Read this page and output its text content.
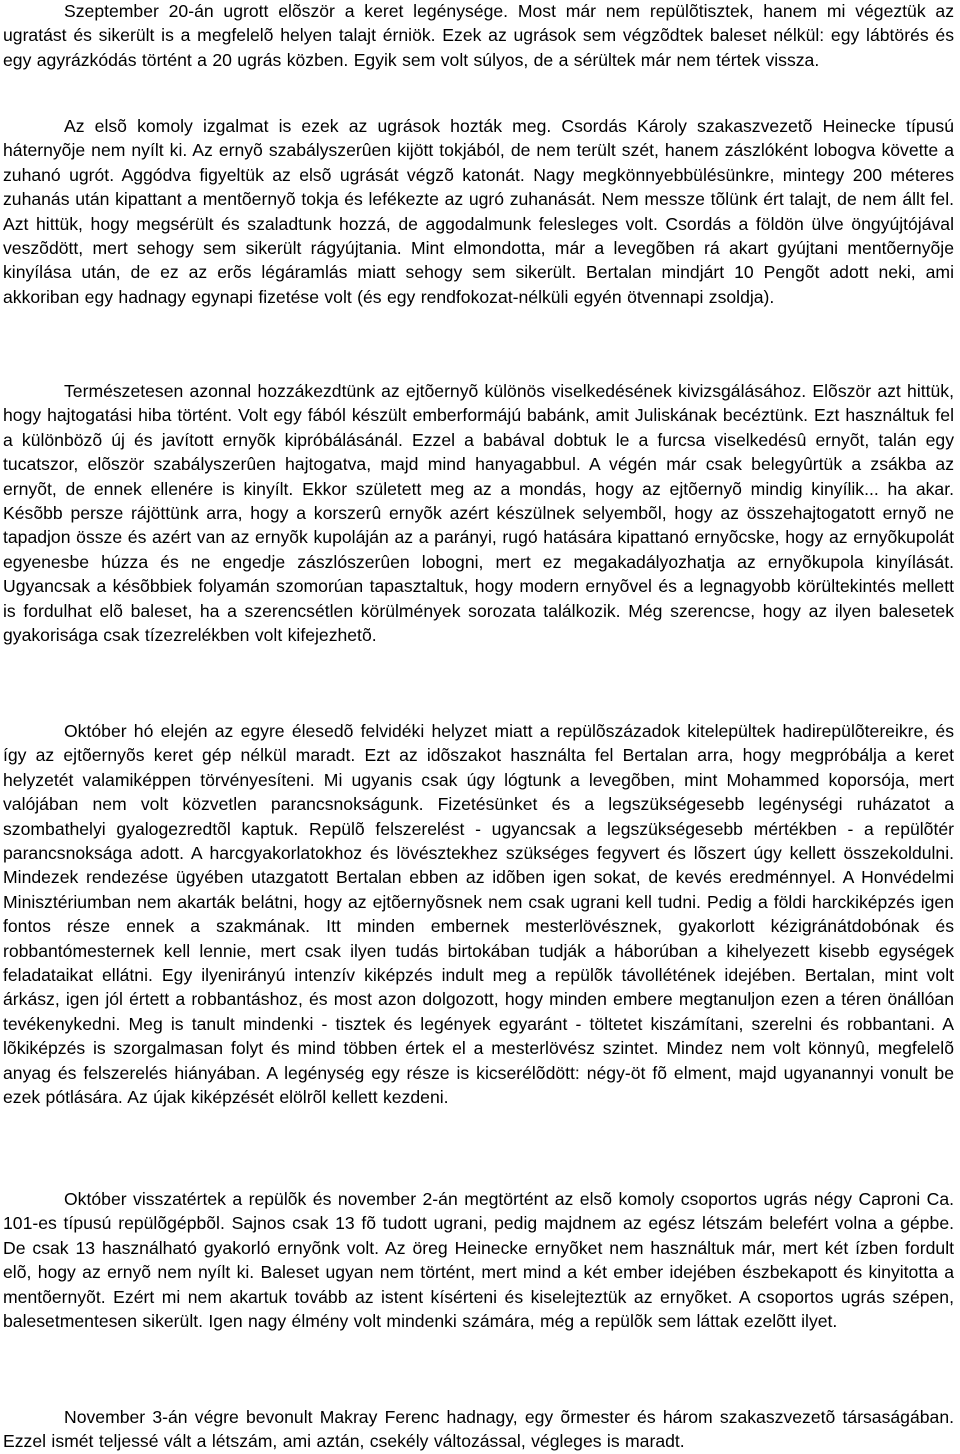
Szeptember 20-án ugrott elõször a keret legénysége. Most már nem repülõtisztek, hanem mi végeztük az ugratást és sikerült is a megfelelõ helyen talajt érniök. Ezek az ugrások sem végzõdtek baleset nélkül: egy lábtörés és egy agyrázkódás történt a 20 ugrás közben. Egyik sem volt súlyos, de a sérültek már nem tértek vissza.

Az elsõ komoly izgalmat is ezek az ugrások hozták meg. Csordás Károly szakaszvezetõ Heinecke típusú háternyõje nem nyílt ki. Az ernyõ szabályszerûen kijött tokjából, de nem terült szét, hanem zászlóként lobogva követte a zuhanó ugrót. Aggódva figyeltük az elsõ ugrását végzõ katonát. Nagy megkönnyebbülésünkre, mintegy 200 méteres zuhanás után kipattant a mentõernyõ tokja és lefékezte az ugró zuhanását. Nem messze tõlünk ért talajt, de nem állt fel. Azt hittük, hogy megsérült és szaladtunk hozzá, de aggodalmunk felesleges volt. Csordás a földön ülve öngyújtójával veszõdött, mert sehogy sem sikerült rágyújtania. Mint elmondotta, már a levegõben rá akart gyújtani mentõernyõje kinyílása után, de ez az erõs légáramlás miatt sehogy sem sikerült. Bertalan mindjárt 10 Pengõt adott neki, ami akkoriban egy hadnagy egynapi fizetése volt (és egy rendfokozat-nélküli egyén ötvennapi zsoldja).

Természetesen azonnal hozzákezdtünk az ejtõernyõ különös viselkedésének kivizsgálásához. Elõször azt hittük, hogy hajtogatási hiba történt. Volt egy fából készült emberformájú babánk, amit Juliskának becéztünk. Ezt használtuk fel a különbözõ új és javított ernyõk kipróbálásánál. Ezzel a babával dobtuk le a furcsa viselkedésû ernyõt, talán egy tucatszor, elõször szabályszerûen hajtogatva, majd mind hanyagabbul. A végén már csak belegyûrtük a zsákba az ernyõt, de ennek ellenére is kinyílt. Ekkor született meg az a mondás, hogy az ejtõernyõ mindig kinyílik... ha akar. Késõbb persze rájöttünk arra, hogy a korszerû ernyõk azért készülnek selyembõl, hogy az összehajtogatott ernyõ ne tapadjon össze és azért van az ernyõk kupoláján az a parányi, rugó hatására kipattanó ernyõcske, hogy az ernyõkupolát egyenesbe húzza és ne engedje zászlószerûen lobogni, mert ez megakadályozhatja az ernyõkupola kinyílását. Ugyancsak a késõbbiek folyamán szomorúan tapasztaltuk, hogy modern ernyõvel és a legnagyobb körültekintés mellett is fordulhat elõ baleset, ha a szerencsétlen körülmények sorozata találkozik. Még szerencse, hogy az ilyen balesetek gyakorisága csak tízezrelékben volt kifejezhetõ.

Október hó elején az egyre élesedõ felvidéki helyzet miatt a repülõszázadok kitelepültek hadirepülõtereikre, és így az ejtõernyõs keret gép nélkül maradt. Ezt az idõszakot használta fel Bertalan arra, hogy megpróbálja a keret helyzetét valamiképpen törvényesíteni. Mi ugyanis csak úgy lógtunk a levegõben, mint Mohammed koporsója, mert valójában nem volt közvetlen parancsnokságunk. Fizetésünket és a legszükségesebb legénységi ruházatot a szombathelyi gyalogezredtõl kaptuk. Repülõ felszerelést - ugyancsak a legszükségesebb mértékben - a repülõtér parancsnoksága adott. A harcgyakorlatokhoz és lövésztekhez szükséges fegyvert és lõszert úgy kellett összekoldulni. Mindezek rendezése ügyében utazgatott Bertalan ebben az idõben igen sokat, de kevés eredménnyel. A Honvédelmi Minisztériumban nem akarták belátni, hogy az ejtõernyõsnek nem csak ugrani kell tudni. Pedig a földi harckiképzés igen fontos része ennek a szakmának. Itt minden embernek mesterlövésznek, gyakorlott kézigránátdobónak és robbantómesternek kell lennie, mert csak ilyen tudás birtokában tudják a háborúban a kihelyezett kisebb egységek feladataikat ellátni. Egy ilyenirányú intenzív kiképzés indult meg a repülõk távollétének idejében. Bertalan, mint volt árkász, igen jól értett a robbantáshoz, és most azon dolgozott, hogy minden embere megtanuljon ezen a téren önállóan tevékenykedni. Meg is tanult mindenki - tisztek és legények egyaránt - töltetet kiszámítani, szerelni és robbantani. A lõkiképzés is szorgalmasan folyt és mind többen értek el a mesterlövész szintet. Mindez nem volt könnyû, megfelelõ anyag és felszerelés hiányában. A legénység egy része is kicserélõdött: négy-öt fõ elment, majd ugyanannyi vonult be ezek pótlására. Az újak kiképzését elölrõl kellett kezdeni.

Október visszatértek a repülõk és november 2-án megtörtént az elsõ komoly csoportos ugrás négy Caproni Ca. 101-es típusú repülõgépbõl. Sajnos csak 13 fõ tudott ugrani, pedig majdnem az egész létszám belefért volna a gépbe. De csak 13 használható gyakorló ernyõnk volt. Az öreg Heinecke ernyõket nem használtuk már, mert két ízben fordult elõ, hogy az ernyõ nem nyílt ki. Baleset ugyan nem történt, mert mind a két ember idejében észbekapott és kinyitotta a mentõernyõt. Ezért mi nem akartuk tovább az istent kísérteni és kiselejteztük az ernyõket. A csoportos ugrás szépen, balesetmentesen sikerült. Igen nagy élmény volt mindenki számára, még a repülõk sem láttak ezelõtt ilyet.

November 3-án végre bevonult Makray Ferenc hadnagy, egy õrmester és három szakaszvezetõ társaságában. Ezzel ismét teljessé vált a létszám, ami aztán, csekély változással, végleges is maradt.
